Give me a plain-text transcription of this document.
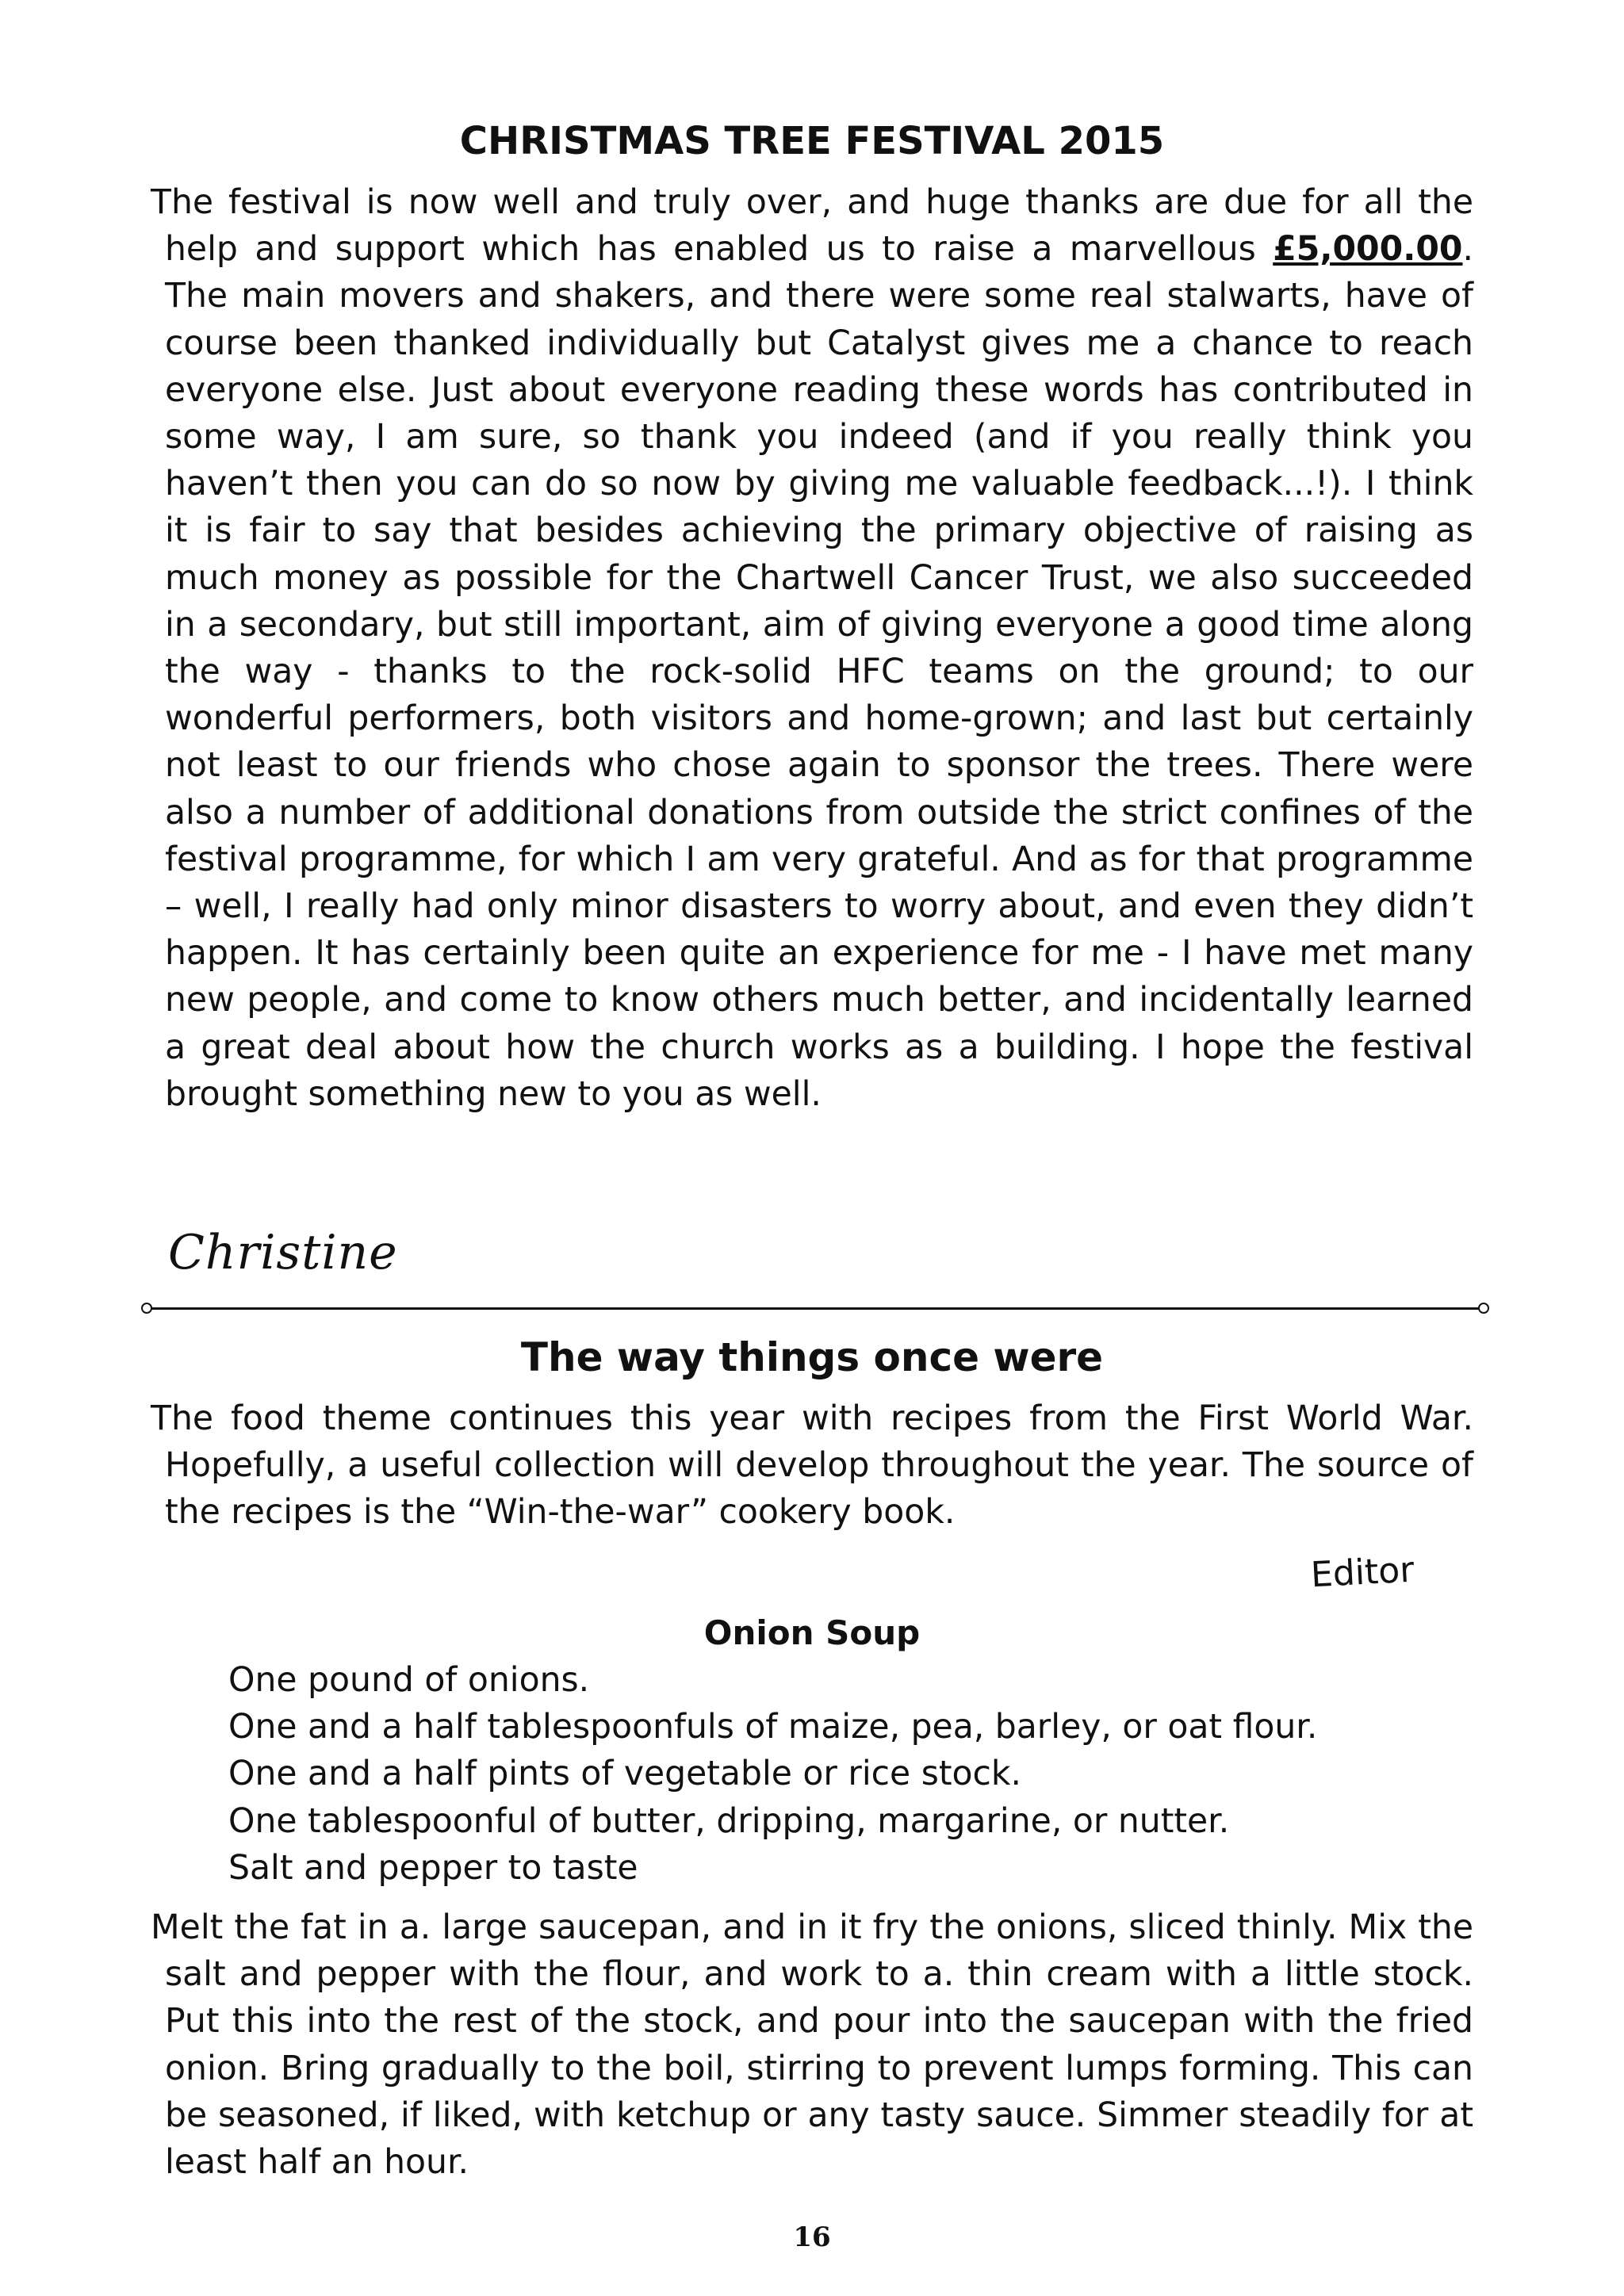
CHRISTMAS TREE FESTIVAL 2015

The festival is now well and truly over, and huge thanks are due for all the help and support which has enabled us to raise a marvellous £5,000.00. The main movers and shakers, and there were some real stalwarts, have of course been thanked individually but Catalyst gives me a chance to reach everyone else. Just about everyone reading these words has contributed in some way, I am sure, so thank you indeed (and if you really think you haven’t then you can do so now by giving me valuable feedback...!). I think it is fair to say that besides achieving the primary objective of raising as much money as possible for the Chartwell Cancer Trust, we also succeeded in a secondary, but still important, aim of giving everyone a good time along the way - thanks to the rock-solid HFC teams on the ground; to our wonderful performers, both visitors and home-grown; and last but certainly not least to our friends who chose again to sponsor the trees. There were also a number of additional donations from outside the strict confines of the festival programme, for which I am very grateful. And as for that programme – well, I really had only minor disasters to worry about, and even they didn’t happen. It has certainly been quite an experience for me - I have met many new people, and come to know others much better, and incidentally learned a great deal about how the church works as a building. I hope the festival brought something new to you as well.

Christine
The way things once were

The food theme continues this year with recipes from the First World War. Hopefully, a useful collection will develop throughout the year. The source of the recipes is the “Win-the-war” cookery book.

Editor
Onion Soup
One pound of onions.
One and a half tablespoonfuls of maize, pea, barley, or oat flour.
One and a half pints of vegetable or rice stock.
One tablespoonful of butter, dripping, margarine, or nutter.
Salt and pepper to taste

Melt the fat in a. large saucepan, and in it fry the onions, sliced thinly. Mix the salt and pepper with the flour, and work to a. thin cream with a little stock. Put this into the rest of the stock, and pour into the saucepan with the fried onion. Bring gradually to the boil, stirring to prevent lumps forming. This can be seasoned, if liked, with ketchup or any tasty sauce. Simmer steadily for at least half an hour.

16
